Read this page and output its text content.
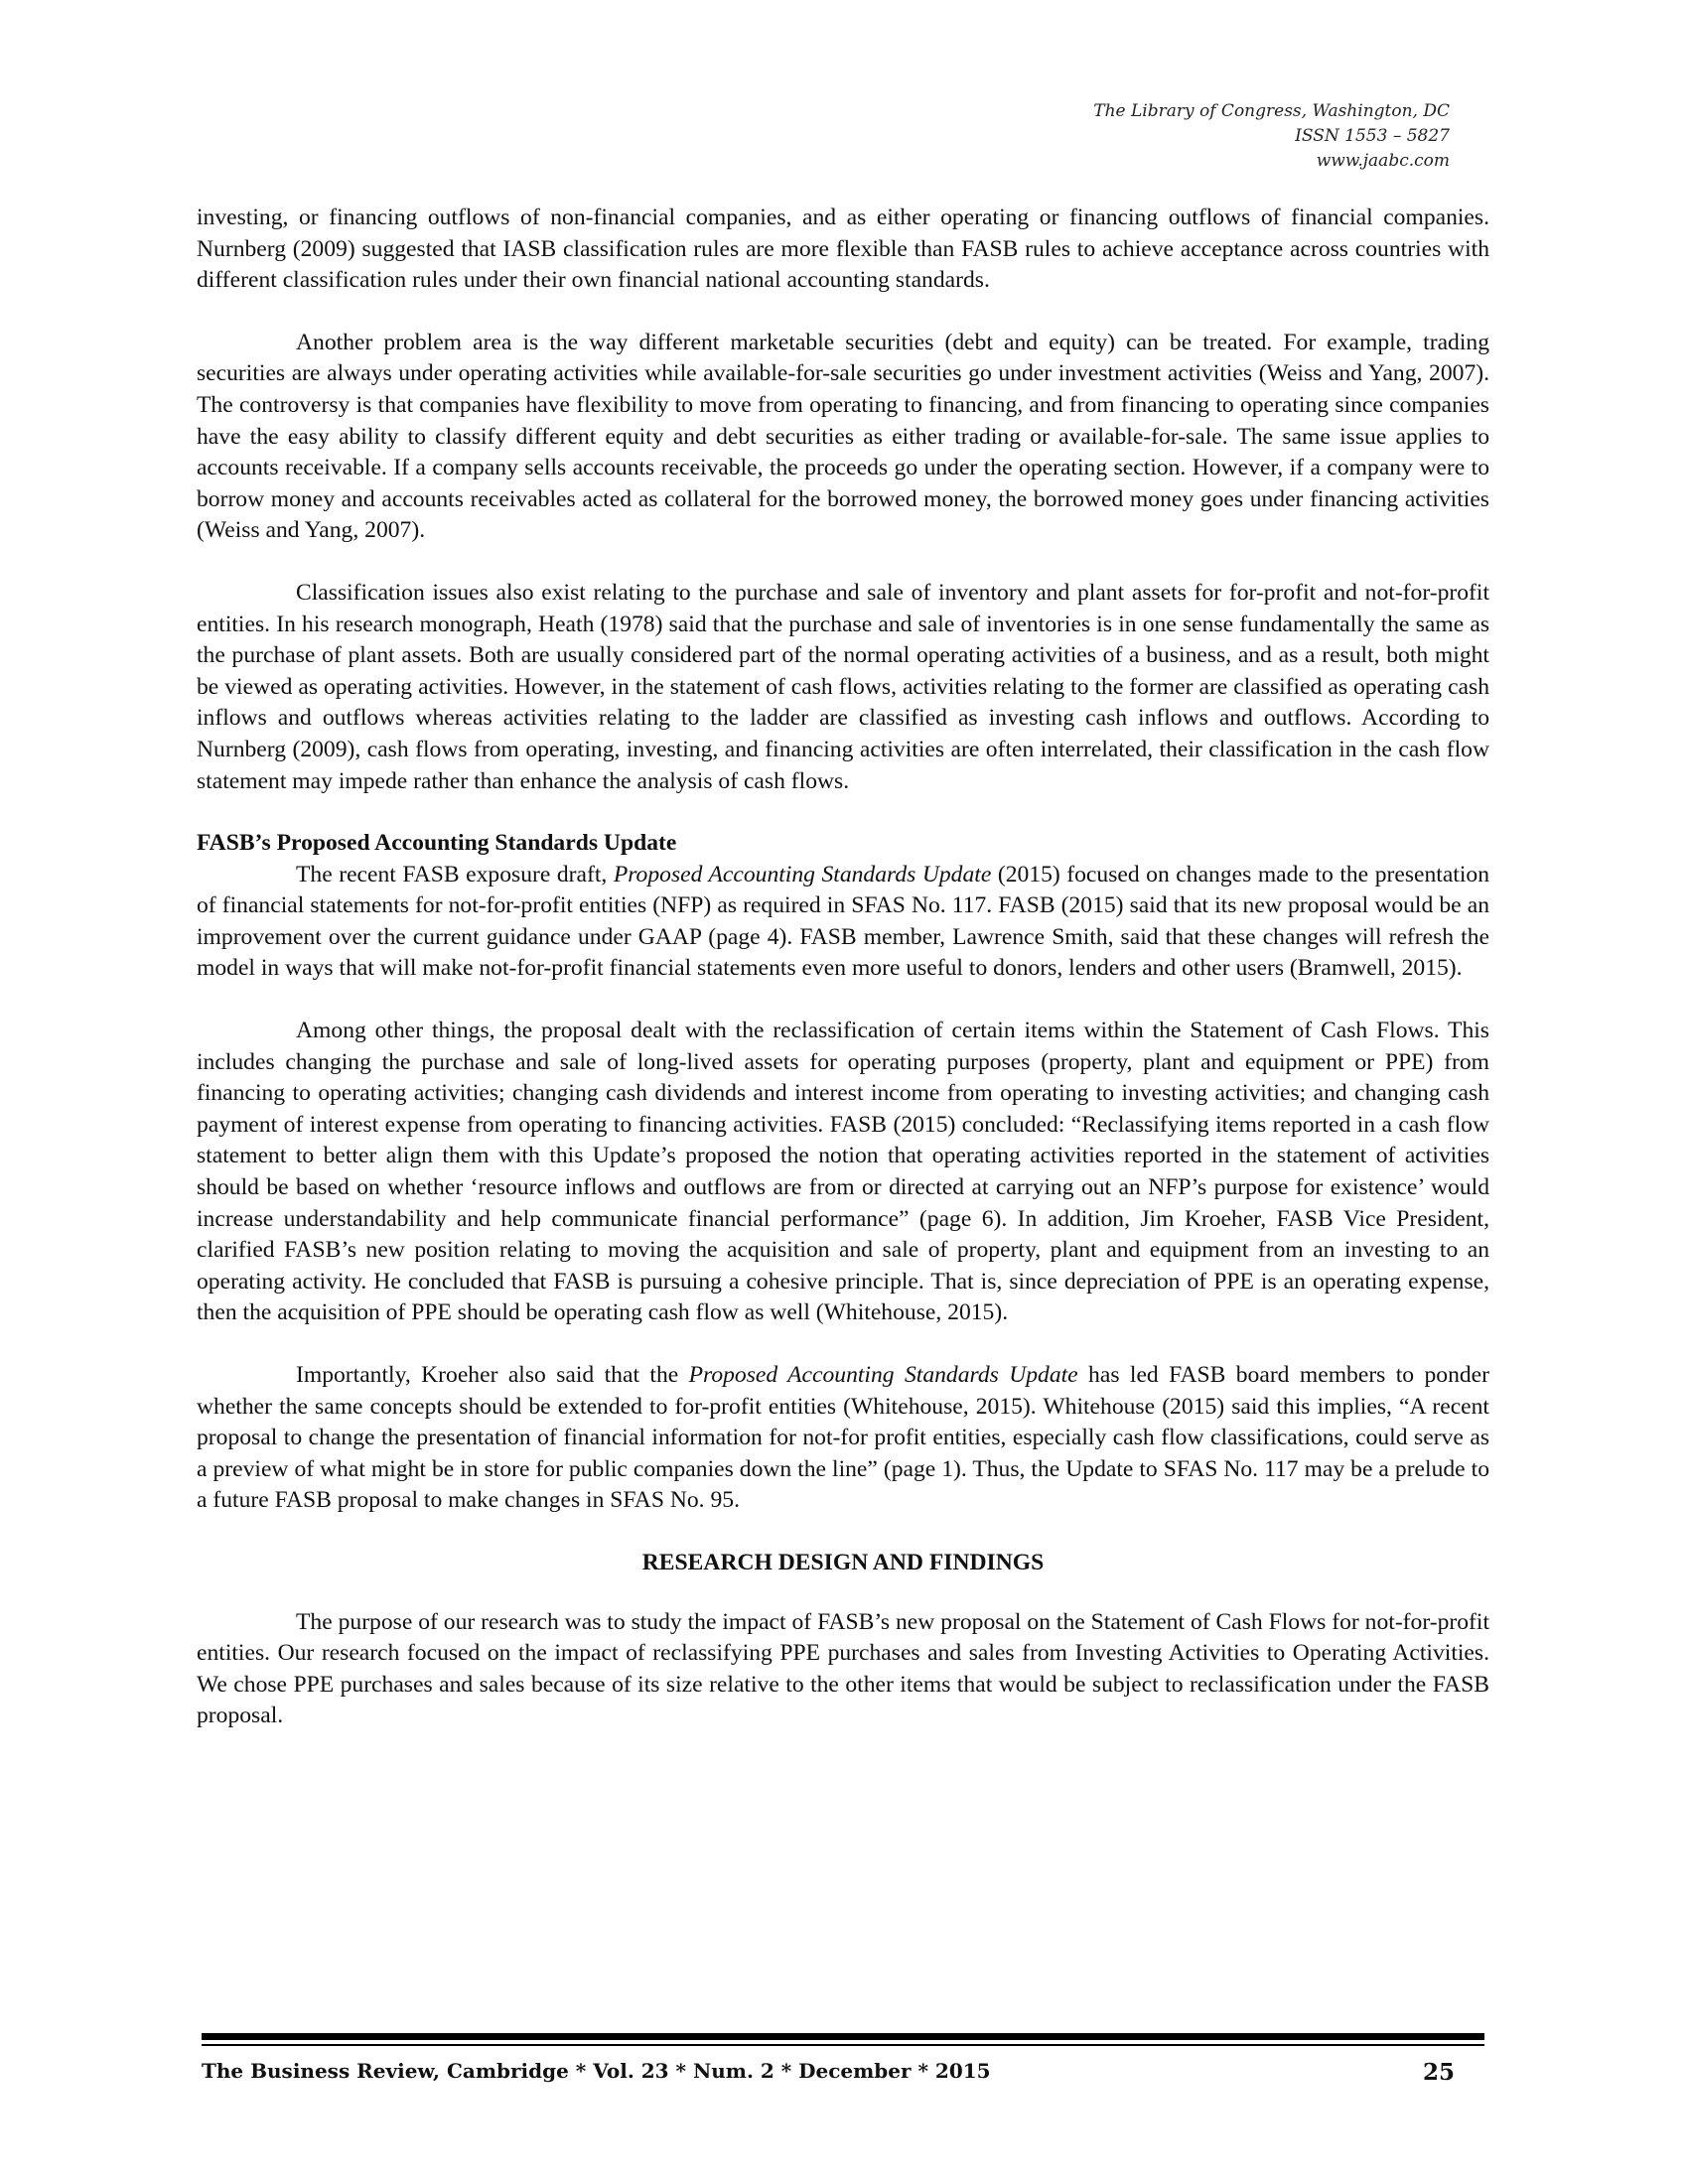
The Library of Congress, Washington, DC
ISSN 1553 – 5827
www.jaabc.com

investing, or financing outflows of non-financial companies, and as either operating or financing outflows of financial companies. Nurnberg (2009) suggested that IASB classification rules are more flexible than FASB rules to achieve acceptance across countries with different classification rules under their own financial national accounting standards.

Another problem area is the way different marketable securities (debt and equity) can be treated. For example, trading securities are always under operating activities while available-for-sale securities go under investment activities (Weiss and Yang, 2007). The controversy is that companies have flexibility to move from operating to financing, and from financing to operating since companies have the easy ability to classify different equity and debt securities as either trading or available-for-sale. The same issue applies to accounts receivable. If a company sells accounts receivable, the proceeds go under the operating section. However, if a company were to borrow money and accounts receivables acted as collateral for the borrowed money, the borrowed money goes under financing activities (Weiss and Yang, 2007).

Classification issues also exist relating to the purchase and sale of inventory and plant assets for for-profit and not-for-profit entities. In his research monograph, Heath (1978) said that the purchase and sale of inventories is in one sense fundamentally the same as the purchase of plant assets. Both are usually considered part of the normal operating activities of a business, and as a result, both might be viewed as operating activities. However, in the statement of cash flows, activities relating to the former are classified as operating cash inflows and outflows whereas activities relating to the ladder are classified as investing cash inflows and outflows. According to Nurnberg (2009), cash flows from operating, investing, and financing activities are often interrelated, their classification in the cash flow statement may impede rather than enhance the analysis of cash flows.

FASB’s Proposed Accounting Standards Update

The recent FASB exposure draft, Proposed Accounting Standards Update (2015) focused on changes made to the presentation of financial statements for not-for-profit entities (NFP) as required in SFAS No. 117. FASB (2015) said that its new proposal would be an improvement over the current guidance under GAAP (page 4). FASB member, Lawrence Smith, said that these changes will refresh the model in ways that will make not-for-profit financial statements even more useful to donors, lenders and other users (Bramwell, 2015).

Among other things, the proposal dealt with the reclassification of certain items within the Statement of Cash Flows. This includes changing the purchase and sale of long-lived assets for operating purposes (property, plant and equipment or PPE) from financing to operating activities; changing cash dividends and interest income from operating to investing activities; and changing cash payment of interest expense from operating to financing activities. FASB (2015) concluded: “Reclassifying items reported in a cash flow statement to better align them with this Update’s proposed the notion that operating activities reported in the statement of activities should be based on whether ‘resource inflows and outflows are from or directed at carrying out an NFP’s purpose for existence’ would increase understandability and help communicate financial performance” (page 6). In addition, Jim Kroeher, FASB Vice President, clarified FASB’s new position relating to moving the acquisition and sale of property, plant and equipment from an investing to an operating activity. He concluded that FASB is pursuing a cohesive principle. That is, since depreciation of PPE is an operating expense, then the acquisition of PPE should be operating cash flow as well (Whitehouse, 2015).

Importantly, Kroeher also said that the Proposed Accounting Standards Update has led FASB board members to ponder whether the same concepts should be extended to for-profit entities (Whitehouse, 2015). Whitehouse (2015) said this implies, “A recent proposal to change the presentation of financial information for not-for profit entities, especially cash flow classifications, could serve as a preview of what might be in store for public companies down the line” (page 1). Thus, the Update to SFAS No. 117 may be a prelude to a future FASB proposal to make changes in SFAS No. 95.

RESEARCH DESIGN AND FINDINGS

The purpose of our research was to study the impact of FASB’s new proposal on the Statement of Cash Flows for not-for-profit entities. Our research focused on the impact of reclassifying PPE purchases and sales from Investing Activities to Operating Activities. We chose PPE purchases and sales because of its size relative to the other items that would be subject to reclassification under the FASB proposal.

The Business Review, Cambridge * Vol. 23 * Num. 2 * December * 2015	25
